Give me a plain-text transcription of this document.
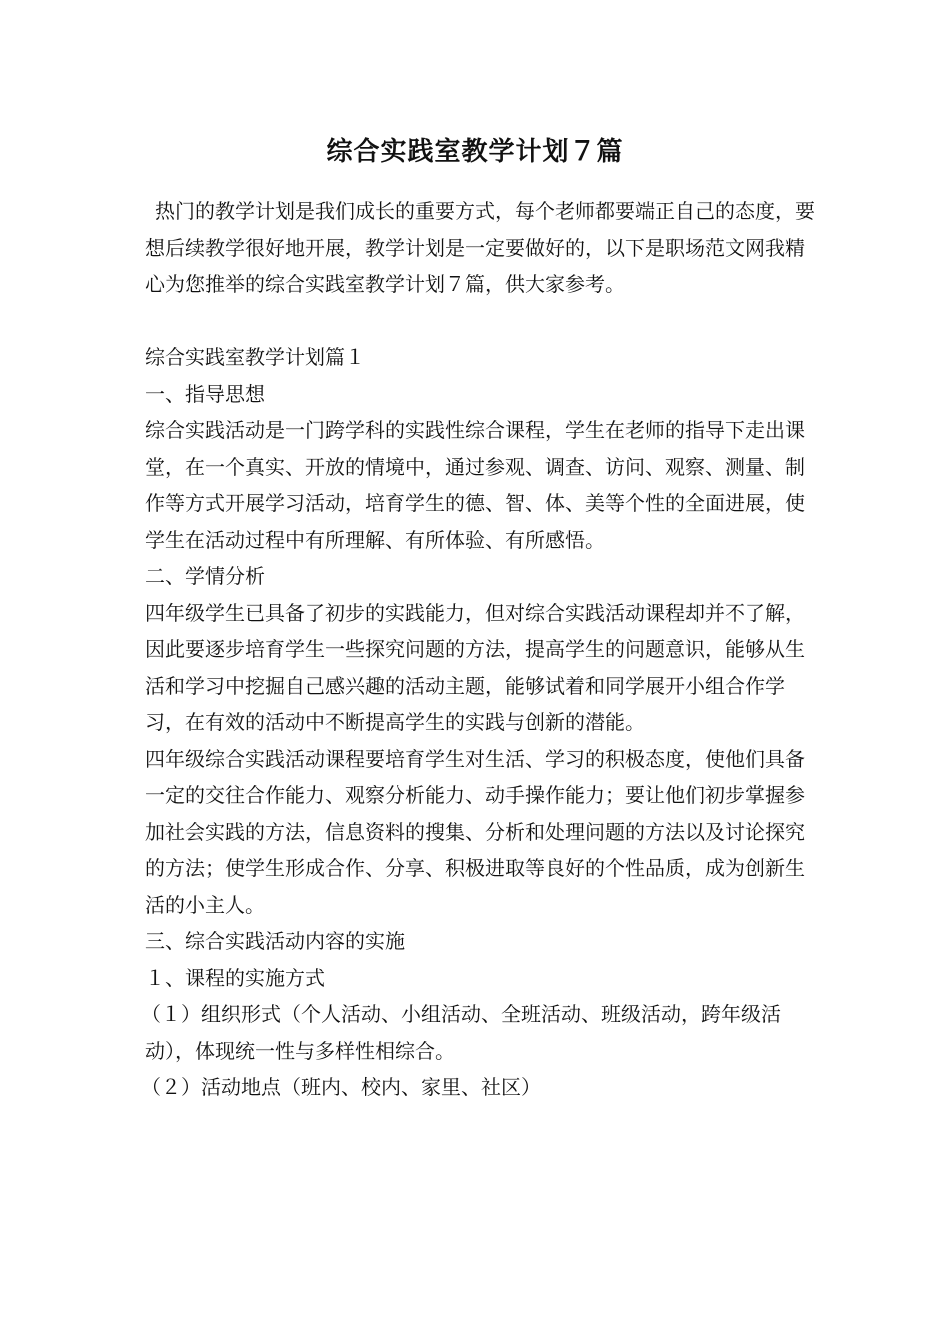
综合实践室教学计划７篇

热门的教学计划是我们成长的重要方式，每个老师都要端正自己的态度，要想后续教学很好地开展，教学计划是一定要做好的，以下是职场范文网我精心为您推举的综合实践室教学计划７篇，供大家参考。

综合实践室教学计划篇１

一、指导思想

综合实践活动是一门跨学科的实践性综合课程，学生在老师的指导下走出课堂，在一个真实、开放的情境中，通过参观、调查、访问、观察、测量、制作等方式开展学习活动，培育学生的德、智、体、美等个性的全面进展，使学生在活动过程中有所理解、有所体验、有所感悟。

二、学情分析

四年级学生已具备了初步的实践能力，但对综合实践活动课程却并不了解，因此要逐步培育学生一些探究问题的方法，提高学生的问题意识，能够从生活和学习中挖掘自己感兴趣的活动主题，能够试着和同学展开小组合作学习，在有效的活动中不断提高学生的实践与创新的潜能。

四年级综合实践活动课程要培育学生对生活、学习的积极态度，使他们具备一定的交往合作能力、观察分析能力、动手操作能力；要让他们初步掌握参加社会实践的方法，信息资料的搜集、分析和处理问题的方法以及讨论探究的方法；使学生形成合作、分享、积极进取等良好的个性品质，成为创新生活的小主人。

三、综合实践活动内容的实施

１、课程的实施方式

（１）组织形式（个人活动、小组活动、全班活动、班级活动，跨年级活动），体现统一性与多样性相综合。

（２）活动地点（班内、校内、家里、社区）
